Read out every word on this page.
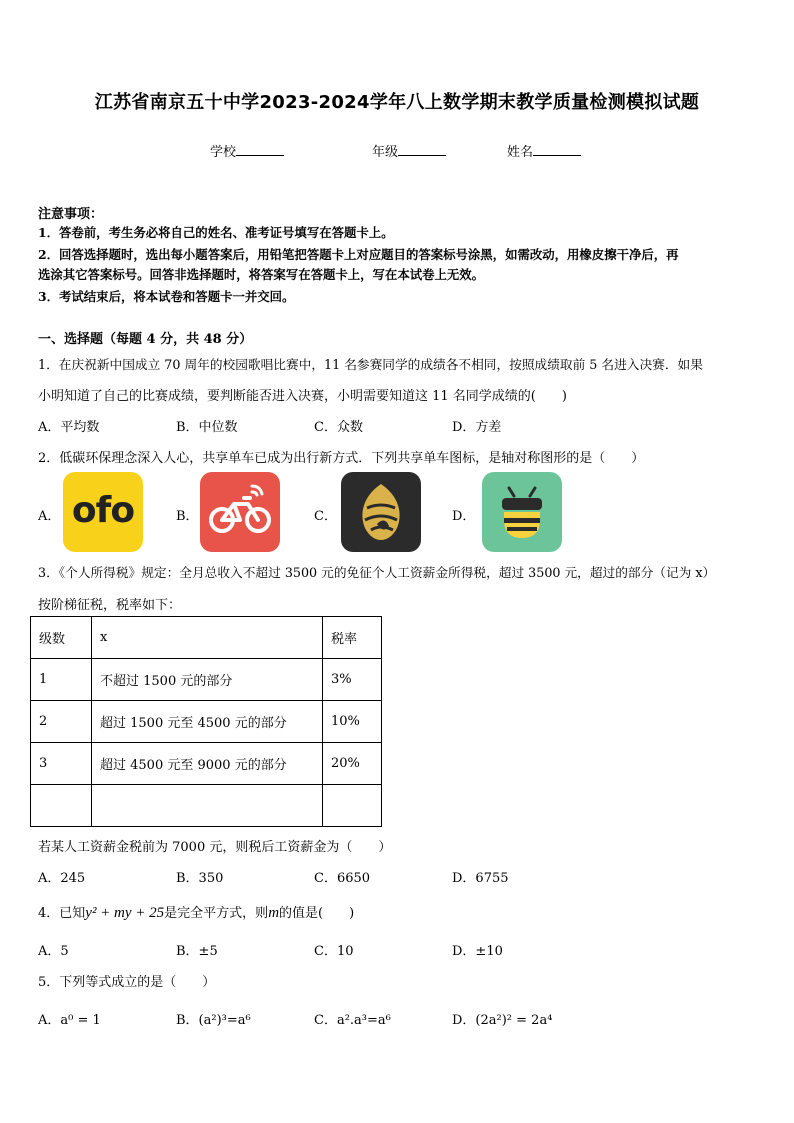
江苏省南京五十中学2023-2024学年八上数学期末教学质量检测模拟试题
学校	年级	姓名
注意事项：
1．答卷前，考生务必将自己的姓名、准考证号填写在答题卡上。
2．回答选择题时，选出每小题答案后，用铅笔把答题卡上对应题目的答案标号涂黑，如需改动，用橡皮擦干净后，再
选涂其它答案标号。回答非选择题时，将答案写在答题卡上，写在本试卷上无效。
3．考试结束后，将本试卷和答题卡一并交回。
一、选择题（每题 4 分，共 48 分）
1．在庆祝新中国成立 70 周年的校园歌唱比赛中，11 名参赛同学的成绩各不相同，按照成绩取前 5 名进入决赛．如果
小明知道了自己的比赛成绩，要判断能否进入决赛，小明需要知道这 11 名同学成绩的(　　)
A．平均数	B．中位数	C．众数	D．方差
2．低碳环保理念深入人心，共享单车已成为出行新方式．下列共享单车图标，是轴对称图形的是（　　）
A．	B．	C．	D．
ofo
3．《个人所得税》规定：全月总收入不超过 3500 元的免征个人工资薪金所得税，超过 3500 元，超过的部分（记为 x）
按阶梯征税，税率如下：
级数	x	税率
1	不超过 1500 元的部分	3%
2	超过 1500 元至 4500 元的部分	10%
3	超过 4500 元至 9000 元的部分	20%

若某人工资薪金税前为 7000 元，则税后工资薪金为（　　）
A．245	B．350	C．6650	D．6755
4．已知y² + my + 25是完全平方式，则m的值是(　　)
A．5	B．±5	C．10	D．±10
5．下列等式成立的是（　　）
A．a⁰ = 1	B．(a²)³=a⁶	C．a².a³=a⁶	D．(2a²)² = 2a⁴
